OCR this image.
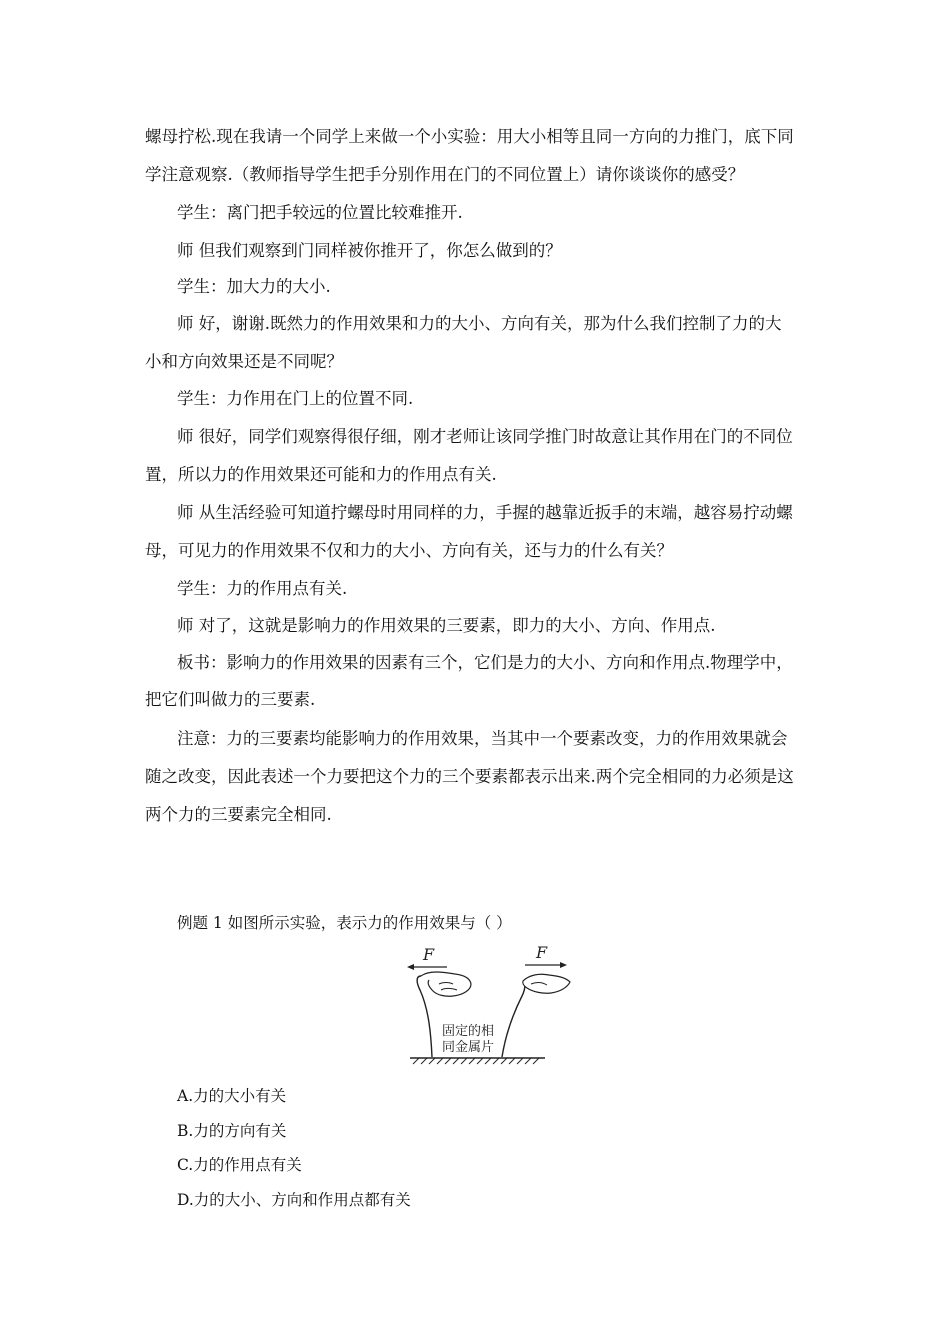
螺母拧松.现在我请一个同学上来做一个小实验：用大小相等且同一方向的力推门，底下同
学注意观察.（教师指导学生把手分别作用在门的不同位置上）请你谈谈你的感受？
学生：离门把手较远的位置比较难推开.
师 但我们观察到门同样被你推开了，你怎么做到的？
学生：加大力的大小.
师 好，谢谢.既然力的作用效果和力的大小、方向有关，那为什么我们控制了力的大
小和方向效果还是不同呢？
学生：力作用在门上的位置不同.
师 很好，同学们观察得很仔细，刚才老师让该同学推门时故意让其作用在门的不同位
置，所以力的作用效果还可能和力的作用点有关.
师 从生活经验可知道拧螺母时用同样的力，手握的越靠近扳手的末端，越容易拧动螺
母，可见力的作用效果不仅和力的大小、方向有关，还与力的什么有关？
学生：力的作用点有关.
师 对了，这就是影响力的作用效果的三要素，即力的大小、方向、作用点.
板书：影响力的作用效果的因素有三个，它们是力的大小、方向和作用点.物理学中，
把它们叫做力的三要素.
注意：力的三要素均能影响力的作用效果，当其中一个要素改变，力的作用效果就会
随之改变，因此表述一个力要把这个力的三个要素都表示出来.两个完全相同的力必须是这
两个力的三要素完全相同.
例题 1 如图所示实验，表示力的作用效果与（ ）
F	F
固定的相
同金属片
A.力的大小有关
B.力的方向有关
C.力的作用点有关
D.力的大小、方向和作用点都有关
